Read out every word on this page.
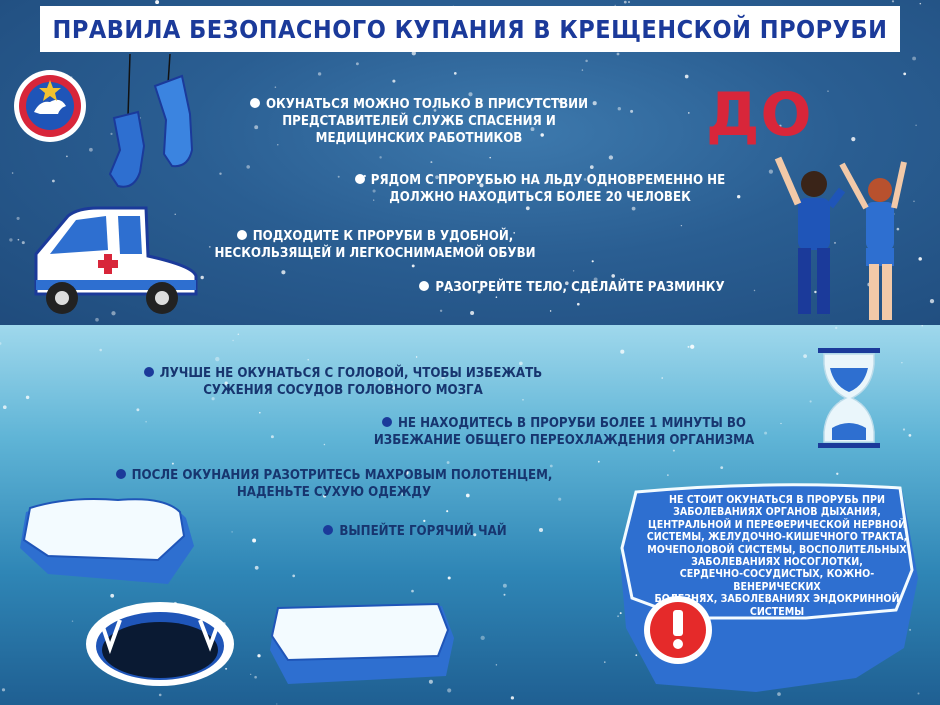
ПРАВИЛА БЕЗОПАСНОГО КУПАНИЯ В КРЕЩЕНСКОЙ ПРОРУБИ
ДО
ОКУНАТЬСЯ МОЖНО ТОЛЬКО В ПРИСУТСТВИИ
ПРЕДСТАВИТЕЛЕЙ СЛУЖБ СПАСЕНИЯ И
МЕДИЦИНСКИХ РАБОТНИКОВ
РЯДОМ С ПРОРУБЬЮ НА ЛЬДУ ОДНОВРЕМЕННО НЕ
ДОЛЖНО НАХОДИТЬСЯ БОЛЕЕ 20 ЧЕЛОВЕК
ПОДХОДИТЕ К ПРОРУБИ В УДОБНОЙ,
НЕСКОЛЬЗЯЩЕЙ И ЛЕГКОСНИМАЕМОЙ ОБУВИ
РАЗОГРЕЙТЕ ТЕЛО, СДЕЛАЙТЕ РАЗМИНКУ
ЛУЧШЕ НЕ ОКУНАТЬСЯ С ГОЛОВОЙ, ЧТОБЫ ИЗБЕЖАТЬ
СУЖЕНИЯ СОСУДОВ ГОЛОВНОГО МОЗГА
НЕ НАХОДИТЕСЬ В ПРОРУБИ БОЛЕЕ 1 МИНУТЫ ВО
ИЗБЕЖАНИЕ ОБЩЕГО ПЕРЕОХЛАЖДЕНИЯ ОРГАНИЗМА
ПОСЛЕ ОКУНАНИЯ РАЗОТРИТЕСЬ МАХРОВЫМ ПОЛОТЕНЦЕМ,
НАДЕНЬТЕ СУХУЮ ОДЕЖДУ
ВЫПЕЙТЕ ГОРЯЧИЙ ЧАЙ
НЕ СТОИТ ОКУНАТЬСЯ В ПРОРУБЬ ПРИ
ЗАБОЛЕВАНИЯХ ОРГАНОВ ДЫХАНИЯ,
ЦЕНТРАЛЬНОЙ И ПЕРЕФЕРИЧЕСКОЙ НЕРВНОЙ
СИСТЕМЫ, ЖЕЛУДОЧНО-КИШЕЧНОГО ТРАКТА,
МОЧЕПОЛОВОЙ СИСТЕМЫ, ВОСПОЛИТЕЛЬНЫХ
ЗАБОЛЕВАНИЯХ НОСОГЛОТКИ,
СЕРДЕЧНО-СОСУДИСТЫХ, КОЖНО-ВЕНЕРИЧЕСКИХ
БОЛЕЗНЯХ, ЗАБОЛЕВАНИЯХ ЭНДОКРИННОЙ
СИСТЕМЫ
